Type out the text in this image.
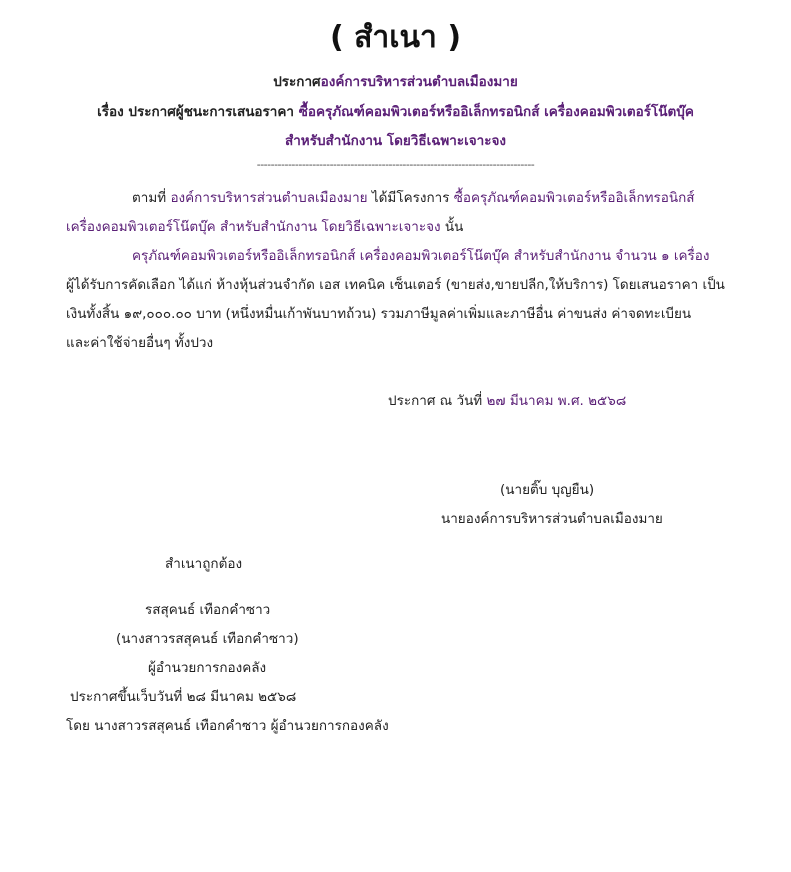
( สำเนา )
ประกาศองค์การบริหารส่วนตำบลเมืองมาย
เรื่อง ประกาศผู้ชนะการเสนอราคา ซื้อครุภัณฑ์คอมพิวเตอร์หรืออิเล็กทรอนิกส์ เครื่องคอมพิวเตอร์โน๊ตบุ๊ค
สำหรับสำนักงาน โดยวิธีเฉพาะเจาะจง
--------------------------------------------------------------------------------
ตามที่ องค์การบริหารส่วนตำบลเมืองมาย ได้มีโครงการ ซื้อครุภัณฑ์คอมพิวเตอร์หรืออิเล็กทรอนิกส์
เครื่องคอมพิวเตอร์โน๊ตบุ๊ค สำหรับสำนักงาน โดยวิธีเฉพาะเจาะจง นั้น
ครุภัณฑ์คอมพิวเตอร์หรืออิเล็กทรอนิกส์ เครื่องคอมพิวเตอร์โน๊ตบุ๊ค สำหรับสำนักงาน จำนวน ๑ เครื่อง
ผู้ได้รับการคัดเลือก ได้แก่ ห้างหุ้นส่วนจำกัด เอส เทคนิค เซ็นเตอร์ (ขายส่ง,ขายปลีก,ให้บริการ) โดยเสนอราคา เป็น
เงินทั้งสิ้น ๑๙,๐๐๐.๐๐ บาท (หนึ่งหมื่นเก้าพันบาทถ้วน) รวมภาษีมูลค่าเพิ่มและภาษีอื่น ค่าขนส่ง ค่าจดทะเบียน
และค่าใช้จ่ายอื่นๆ ทั้งปวง
ประกาศ ณ วันที่ ๒๗ มีนาคม พ.ศ. ๒๕๖๘
(นายติ๊บ บุญยืน)
นายองค์การบริหารส่วนตำบลเมืองมาย
สำเนาถูกต้อง
รสสุคนธ์ เทือกคำซาว
(นางสาวรสสุคนธ์ เทือกคำซาว)
ผู้อำนวยการกองคลัง
ประกาศขึ้นเว็บวันที่ ๒๘ มีนาคม ๒๕๖๘
โดย นางสาวรสสุคนธ์ เทือกคำซาว ผู้อำนวยการกองคลัง
